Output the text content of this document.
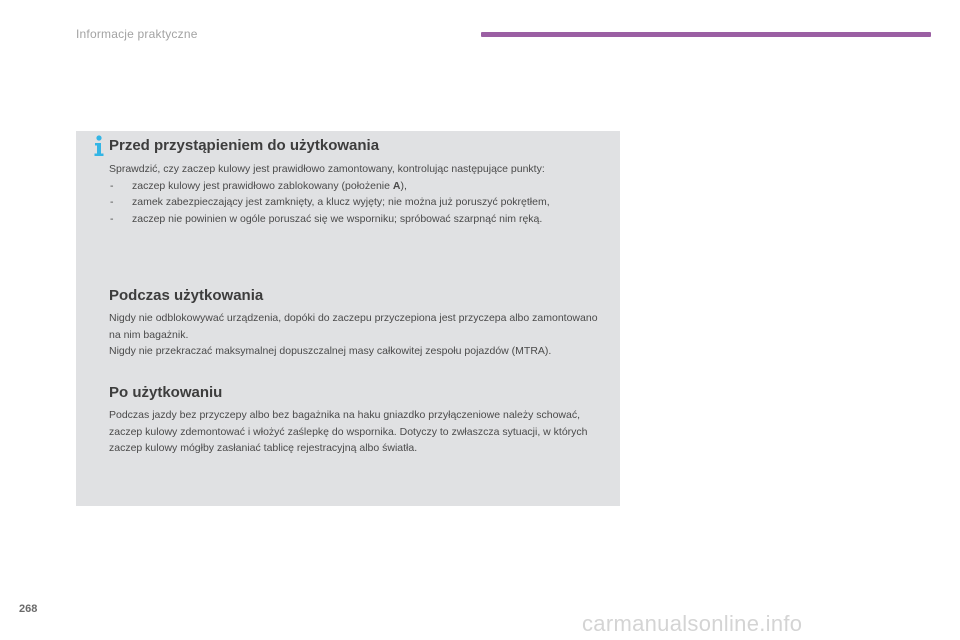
Informacje praktyczne
Przed przystąpieniem do użytkowania

Sprawdzić, czy zaczep kulowy jest prawidłowo zamontowany, kontrolując następujące punkty:

- zaczep kulowy jest prawidłowo zablokowany (położenie A),
- zamek zabezpieczający jest zamknięty, a klucz wyjęty; nie można już poruszyć pokrętłem,
- zaczep nie powinien w ogóle poruszać się we wsporniku; spróbować szarpnąć nim ręką.
Podczas użytkowania

Nigdy nie odblokowywać urządzenia, dopóki do zaczepu przyczepiona jest przyczepa albo zamontowano na nim bagażnik.

Nigdy nie przekraczać maksymalnej dopuszczalnej masy całkowitej zespołu pojazdów (MTRA).

Po użytkowaniu

Podczas jazdy bez przyczepy albo bez bagażnika na haku gniazdko przyłączeniowe należy schować, zaczep kulowy zdemontować i włożyć zaślepkę do wspornika. Dotyczy to zwłaszcza sytuacji, w których zaczep kulowy mógłby zasłaniać tablicę rejestracyjną albo światła.

268
carmanualsonline.info
